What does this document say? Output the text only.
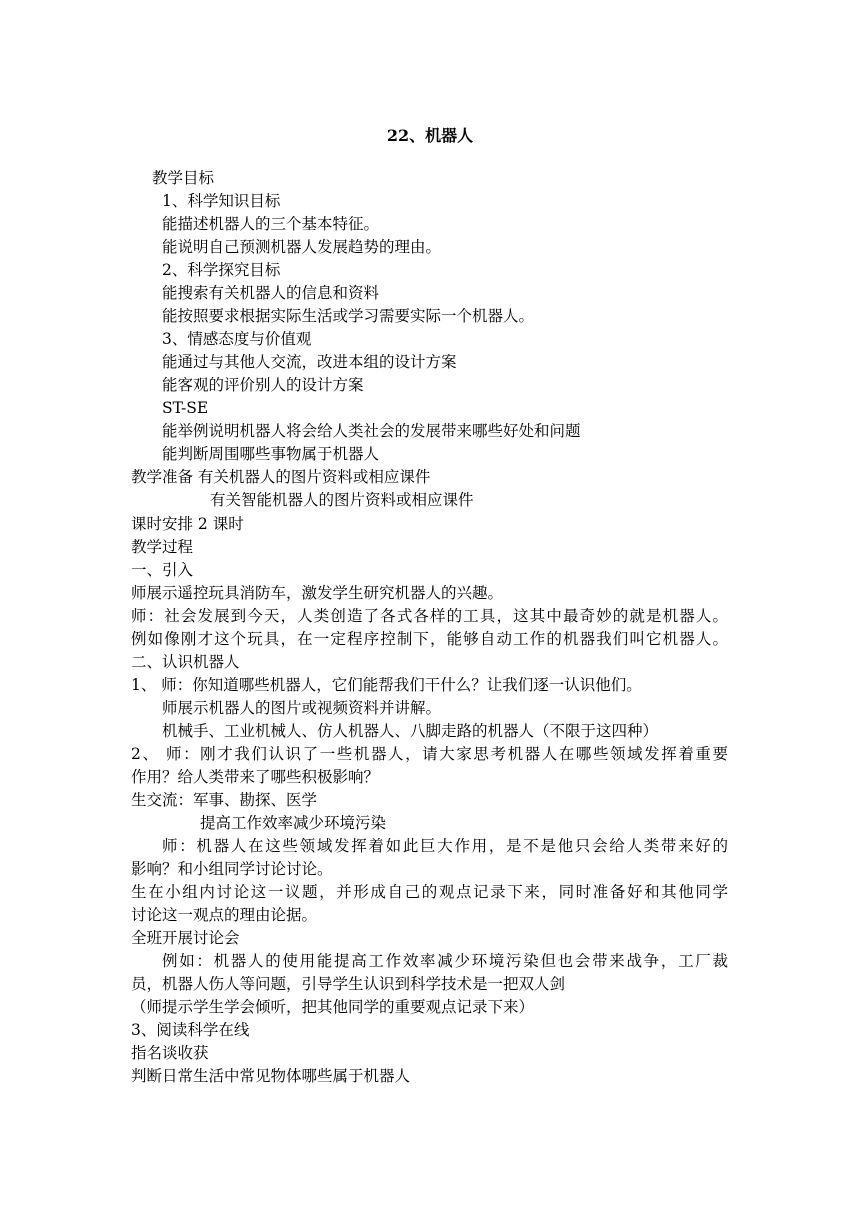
22、机器人
教学目标
1、科学知识目标
能描述机器人的三个基本特征。
能说明自己预测机器人发展趋势的理由。
2、科学探究目标
能搜索有关机器人的信息和资料
能按照要求根据实际生活或学习需要实际一个机器人。
3、情感态度与价值观
能通过与其他人交流，改进本组的设计方案
能客观的评价别人的设计方案
ST-SE
能举例说明机器人将会给人类社会的发展带来哪些好处和问题
能判断周围哪些事物属于机器人
教学准备 有关机器人的图片资料或相应课件
有关智能机器人的图片资料或相应课件
课时安排 2 课时
教学过程
一、引入
师展示遥控玩具消防车，激发学生研究机器人的兴趣。
师：社会发展到今天，人类创造了各式各样的工具，这其中最奇妙的就是机器人。
例如像刚才这个玩具，在一定程序控制下，能够自动工作的机器我们叫它机器人。
二、认识机器人
1、 师：你知道哪些机器人，它们能帮我们干什么？让我们逐一认识他们。
师展示机器人的图片或视频资料并讲解。
机械手、工业机械人、仿人机器人、八脚走路的机器人（不限于这四种）
2、 师：刚才我们认识了一些机器人，请大家思考机器人在哪些领域发挥着重要
作用？给人类带来了哪些积极影响？
生交流：军事、勘探、医学
提高工作效率减少环境污染
师：机器人在这些领域发挥着如此巨大作用，是不是他只会给人类带来好的
影响？和小组同学讨论讨论。
生在小组内讨论这一议题，并形成自己的观点记录下来，同时准备好和其他同学
讨论这一观点的理由论据。
全班开展讨论会
例如：机器人的使用能提高工作效率减少环境污染但也会带来战争，工厂裁
员，机器人伤人等问题，引导学生认识到科学技术是一把双人剑
（师提示学生学会倾听，把其他同学的重要观点记录下来）
3、阅读科学在线
指名谈收获
判断日常生活中常见物体哪些属于机器人
